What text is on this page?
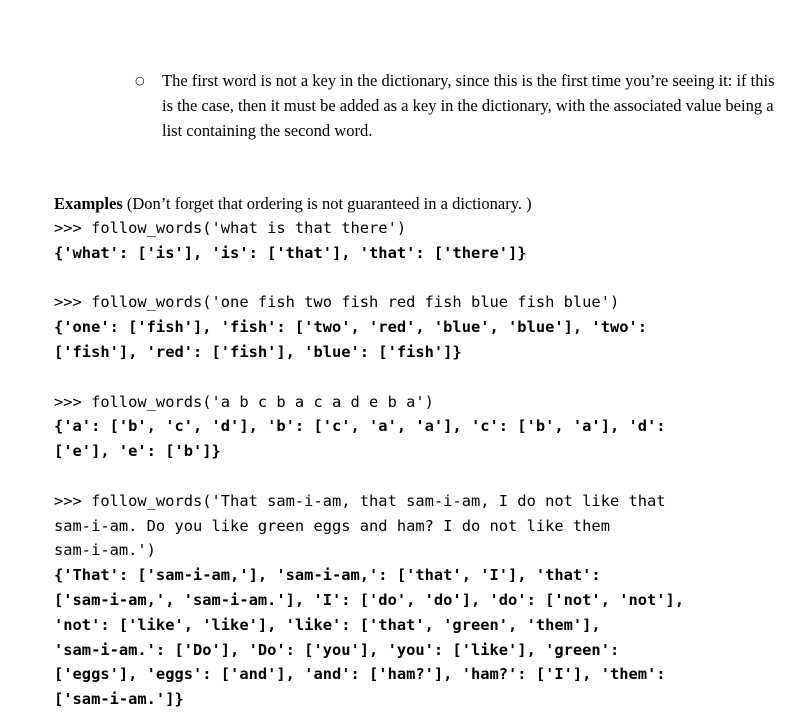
○ The first word is not a key in the dictionary, since this is the first time you’re seeing it: if this is the case, then it must be added as a key in the dictionary, with the associated value being a list containing the second word.
Examples (Don’t forget that ordering is not guaranteed in a dictionary. )
>>> follow_words('what is that there')
{'what': ['is'], 'is': ['that'], 'that': ['there']}
>>> follow_words('one fish two fish red fish blue fish blue')
{'one': ['fish'], 'fish': ['two', 'red', 'blue', 'blue'], 'two':
['fish'], 'red': ['fish'], 'blue': ['fish']}
>>> follow_words('a b c b a c a d e b a')
{'a': ['b', 'c', 'd'], 'b': ['c', 'a', 'a'], 'c': ['b', 'a'], 'd':
['e'], 'e': ['b']}
>>> follow_words('That sam-i-am, that sam-i-am, I do not like that
sam-i-am. Do you like green eggs and ham? I do not like them
sam-i-am.')
{'That': ['sam-i-am,'], 'sam-i-am,': ['that', 'I'], 'that':
['sam-i-am,', 'sam-i-am.'], 'I': ['do', 'do'], 'do': ['not', 'not'],
'not': ['like', 'like'], 'like': ['that', 'green', 'them'],
'sam-i-am.': ['Do'], 'Do': ['you'], 'you': ['like'], 'green':
['eggs'], 'eggs': ['and'], 'and': ['ham?'], 'ham?': ['I'], 'them':
['sam-i-am.']}
